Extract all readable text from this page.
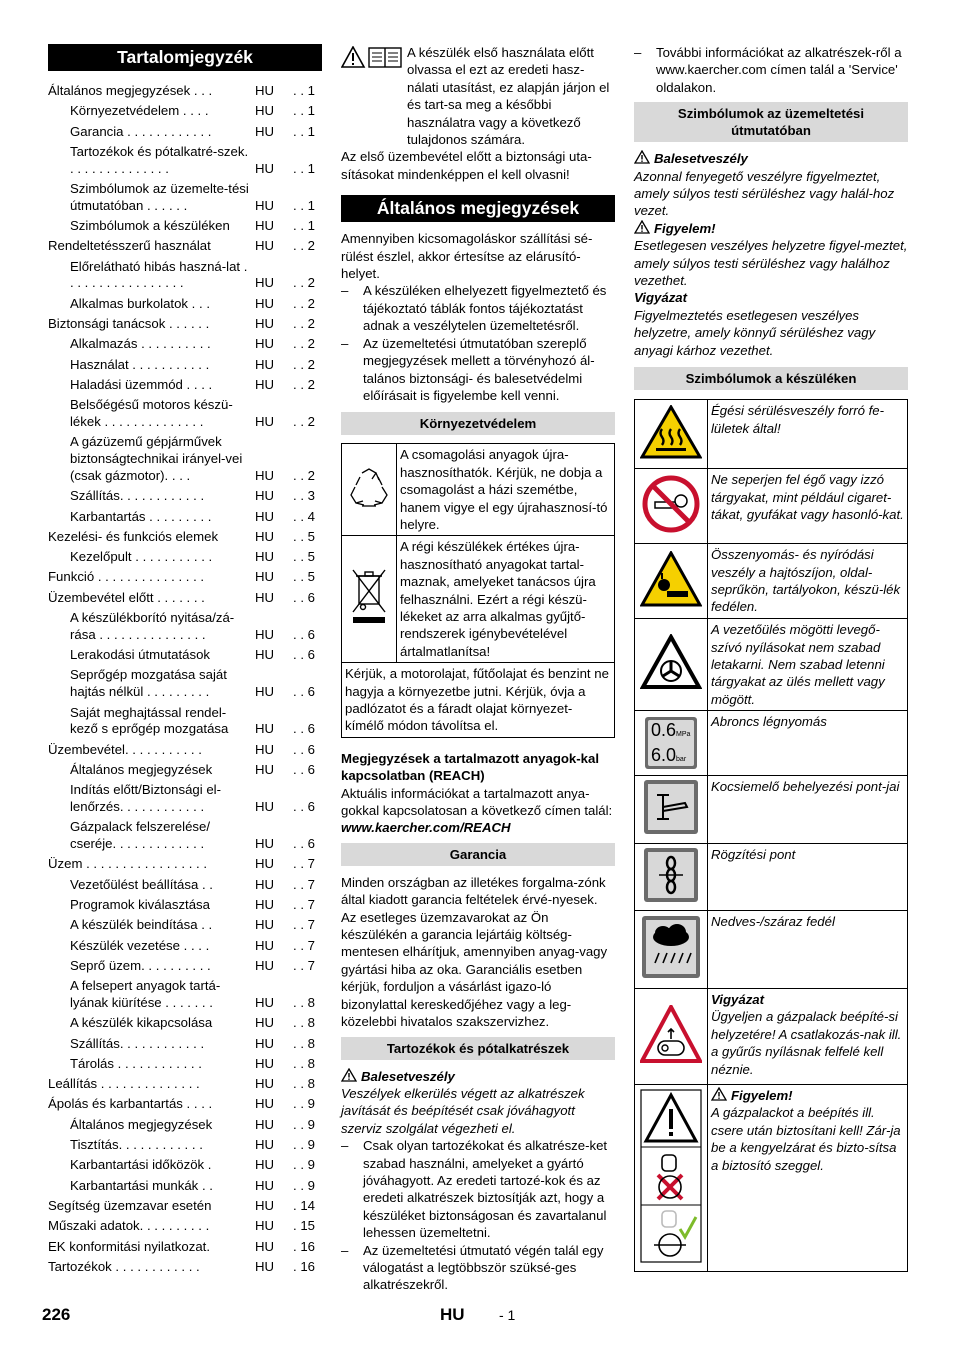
Tartalomjegyzék
Általános megjegyzések . . .	HU	. . 1
Környezetvédelem . . . .	HU	. . 1
Garancia . . . . . . . . . . . .	HU	. . 1
Tartozékok és pótalkatré-szek. . . . . . . . . . . . . . .	HU	. . 1
Szimbólumok az üzemelte-tési útmutatóban . . . . . .	HU	. . 1
Szimbólumok a készüléken	HU	. . 1
Rendeltetésszerű használat	HU	. . 2
Előrelátható hibás haszná-lat . . . . . . . . . . . . . . . . .	HU	. . 2
Alkalmas burkolatok . . .	HU	. . 2
Biztonsági tanácsok . . . . . .	HU	. . 2
Alkalmazás . . . . . . . . . .	HU	. . 2
Használat . . . . . . . . . . .	HU	. . 2
Haladási üzemmód . . . .	HU	. . 2
Belsőégésű motoros készü-lékek . . . . . . . . . . . . . .	HU	. . 2
A gázüzemű gépjárművek biztonságtechnikai irányel-vei (csak gázmotor). . . .	HU	. . 2
Szállítás. . . . . . . . . . . .	HU	. . 3
Karbantartás . . . . . . . . .	HU	. . 4
Kezelési- és funkciós elemek	HU	. . 5
Kezelőpult . . . . . . . . . . .	HU	. . 5
Funkció . . . . . . . . . . . . . . .	HU	. . 5
Üzembevétel előtt . . . . . . .	HU	. . 6
A készülékborító nyitása/zá-rása . . . . . . . . . . . . . . .	HU	. . 6
Lerakodási útmutatások	HU	. . 6
Seprőgép mozgatása saját hajtás nélkül . . . . . . . . .	HU	. . 6
Saját meghajtással rendel-kező s eprőgép mozgatása	HU	. . 6
Üzembevétel. . . . . . . . . . .	HU	. . 6
Általános megjegyzések	HU	. . 6
Indítás előtt/Biztonsági el-lenőrzés. . . . . . . . . . . .	HU	. . 6
Gázpalack felszerelése/ cseréje. . . . . . . . . . . . .	HU	. . 6
Üzem . . . . . . . . . . . . . . . . .	HU	. . 7
Vezetőülést beállítása . .	HU	. . 7
Programok kiválasztása	HU	. . 7
A készülék beindítása . .	HU	. . 7
Készülék vezetése . . . .	HU	. . 7
Seprő üzem. . . . . . . . . .	HU	. . 7
A felsepert anyagok tartá-lyának kiürítése . . . . . . .	HU	. . 8
A készülék kikapcsolása	HU	. . 8
Szállítás. . . . . . . . . . . .	HU	. . 8
Tárolás . . . . . . . . . . . .	HU	. . 8
Leállítás . . . . . . . . . . . . . .	HU	. . 8
Ápolás és karbantartás . . . .	HU	. . 9
Általános megjegyzések	HU	. . 9
Tisztítás. . . . . . . . . . . .	HU	. . 9
Karbantartási időközök .	HU	. . 9
Karbantartási munkák . .	HU	. . 9
Segítség üzemzavar esetén	HU	. 14
Műszaki adatok. . . . . . . . . .	HU	. 15
EK konformitási nyilatkozat.	HU	. 16
Tartozékok . . . . . . . . . . . .	HU	. 16

A készülék első használata előtt olvassa el ezt az eredeti hasz-nálati utasítást, ez alapján járjon el és tart-sa meg a későbbi használatra vagy a következő tulajdonos számára.

Az első üzembevétel előtt a biztonsági uta-sításokat mindenképpen el kell olvasni!

Általános megjegyzések

Amennyiben kicsomagoláskor szállítási sé-rülést észlel, akkor értesítse az elárusító-helyet.

–	A készüléken elhelyezett figyelmeztető és tájékoztató táblák fontos tájékoztatást adnak a veszélytelen üzemeltetésről.
–	Az üzemeltetési útmutatóban szereplő megjegyzések mellett a törvényhozó ál-talános biztonsági- és balesetvédelmi előírásait is figyelembe kell venni.
Környezetvédelem
	A csomagolási anyagok újra-hasznosíthatók. Kérjük, ne dobja a csomagolást a házi szemétbe, hanem vigye el egy újrahasznosí-tó helyre.
	A régi készülékek értékes újra-hasznosítható anyagokat tartal-maznak, amelyeket tanácsos újra felhasználni. Ezért a régi készü-lékeket az arra alkalmas gyűjtő-rendszerek igénybevételével ártalmatlanítsa!
Kérjük, a motorolajat, fűtőolajat és benzint ne hagyja a környezetbe jutni. Kérjük, óvja a padlózatot és a fáradt olajat környezet-kímélő módon távolítsa el.	

Megjegyzések a tartalmazott anyagok-kal kapcsolatban (REACH)

Aktuális információkat a tartalmazott anya-gokkal kapcsolatosan a következő címen talál:

www.kaercher.com/REACH

Garancia

Minden országban az illetékes forgalma-zónk által kiadott garancia feltételek érvé-nyesek. Az esetleges üzemzavarokat az Ön készülékén a garancia lejártáig költség-mentesen elhárítjuk, amennyiben anyag-vagy gyártási hiba az oka. Garanciális esetben kérjük, forduljon a vásárlást igazo-ló bizonylattal kereskedőjéhez vagy a leg-közelebbi hivatalos szakszervizhez.

Tartozékok és pótalkatrészek

Balesetveszély

Veszélyek elkerülés végett az alkatrészek javítását és beépítését csak jóváhagyott szerviz szolgálat végezheti el.

–	Csak olyan tartozékokat és alkatrésze-ket szabad használni, amelyeket a gyártó jóváhagyott. Az eredeti tartozé-kok és az eredeti alkatrészek biztosítják azt, hogy a készüléket biztonságosan és zavartalanul lehessen üzemeltetni.
–	Az üzemeltetési útmutató végén talál egy válogatást a legtöbbször szüksé-ges alkatrészekről.
–	További információkat az alkatrészek-ről a www.kaercher.com címen talál a 'Service' oldalakon.
Szimbólumok az üzemeltetési útmutatóban

Balesetveszély

Azonnal fenyegető veszélyre figyelmeztet, amely súlyos testi sérüléshez vagy halál-hoz vezet.

Figyelem!

Esetlegesen veszélyes helyzetre figyel-meztet, amely súlyos testi sérüléshez vagy halálhoz vezethet.

Vigyázat

Figyelmeztetés esetlegesen veszélyes helyzetre, amely könnyű sérüléshez vagy anyagi kárhoz vezethet.

Szimbólumok a készüléken
	Égési sérülésveszély forró fe-lületek által!
	Ne seperjen fel égő vagy izzó tárgyakat, mint például cigaret-tákat, gyufákat vagy hasonló-kat.
	Összenyomás- és nyíródási veszély a hajtószíjon, oldal-seprűkön, tartályokon, készü-lék fedélen.
	A vezetőülés mögötti levegő-szívó nyílásokat nem szabad letakarni. Nem szabad letenni tárgyakat az ülés mellett vagy mögött.

0.6MPa
6.0bar	Abroncs légnyomás
	Kocsiemelő behelyezési pont-jai
	Rögzítési pont
	Nedves-/száraz fedél

Vigyázat

Ügyeljen a gázpalack beépíté-si helyzetére! A csatlakozás-nak ill. a gyűrűs nyílásnak felfelé kell néznie.

Figyelem!

A gázpalackot a beépítés ill. csere után biztosítani kell! Zár-ja be a kengyelzárat és bizto-sítsa a biztosító szeggel.

226	HU - 1
